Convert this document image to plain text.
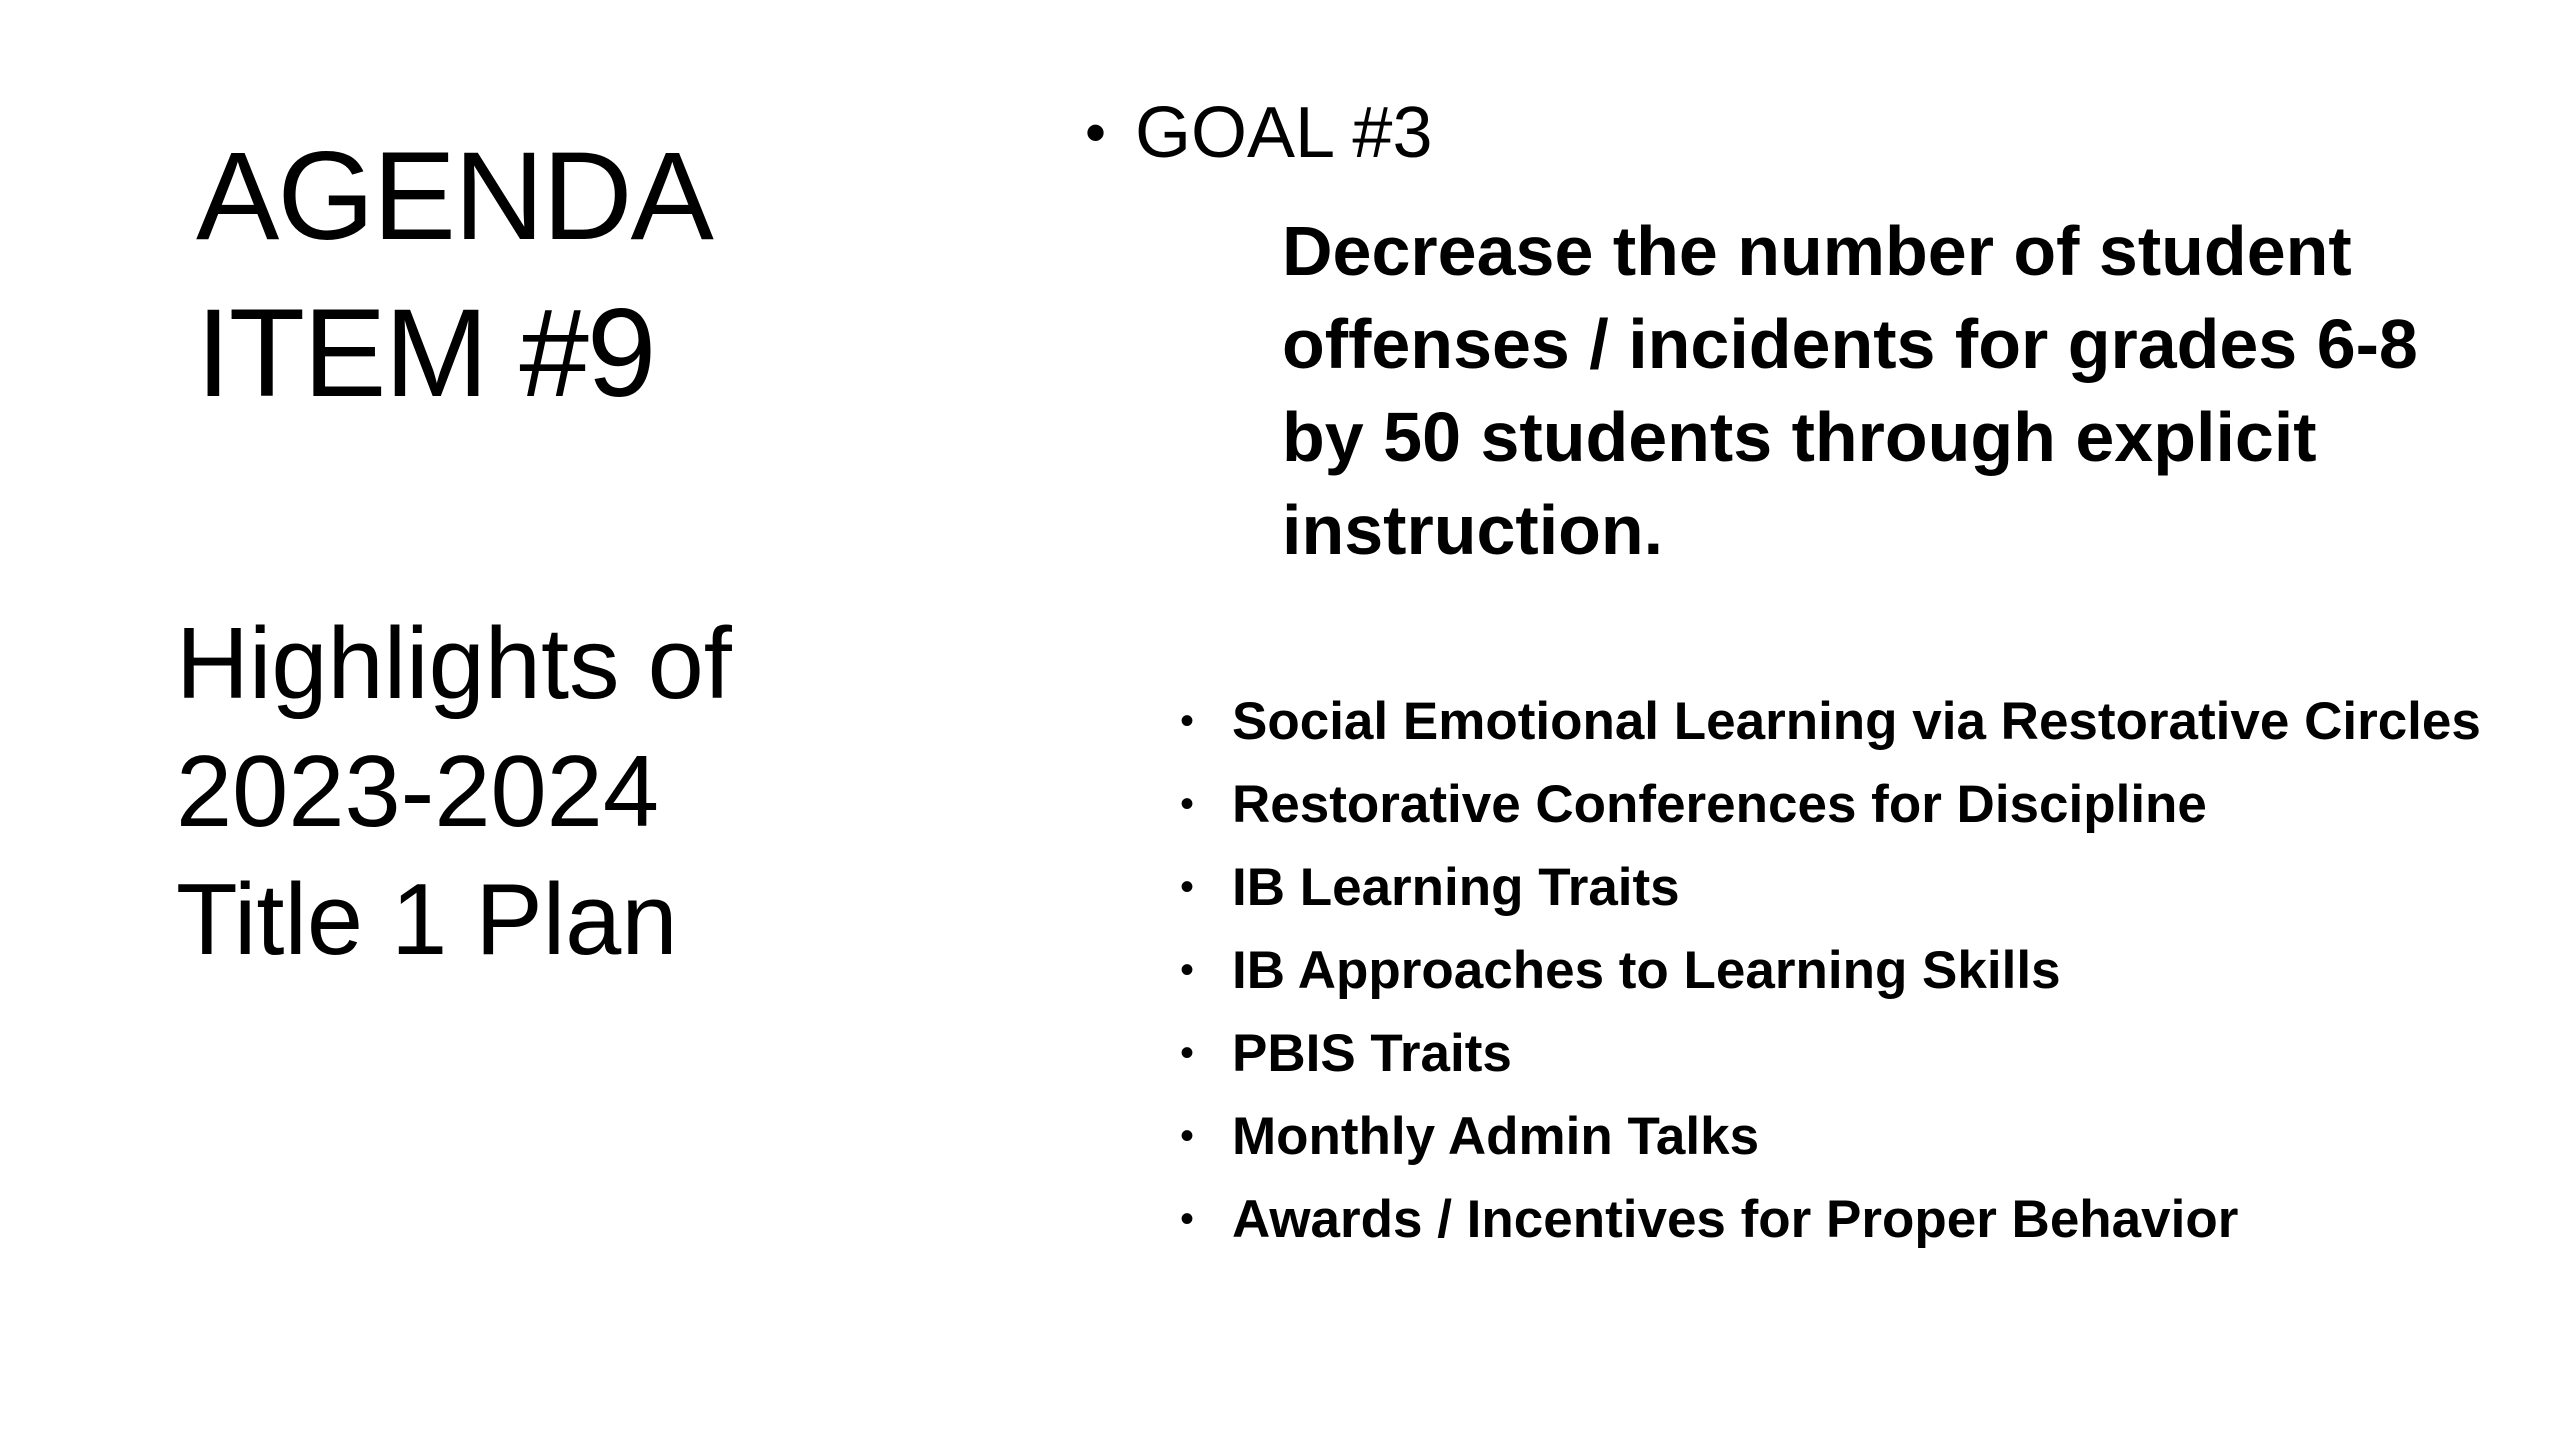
AGENDA
ITEM #9
Highlights of
2023-2024
Title 1 Plan
• GOAL #3

Decrease the number of student
offenses / incidents for grades 6-8
by 50 students through explicit
instruction.

• Social Emotional Learning via Restorative Circles
• Restorative Conferences for Discipline
• IB Learning Traits
• IB Approaches to Learning Skills
• PBIS Traits
• Monthly Admin Talks
• Awards / Incentives for Proper Behavior
